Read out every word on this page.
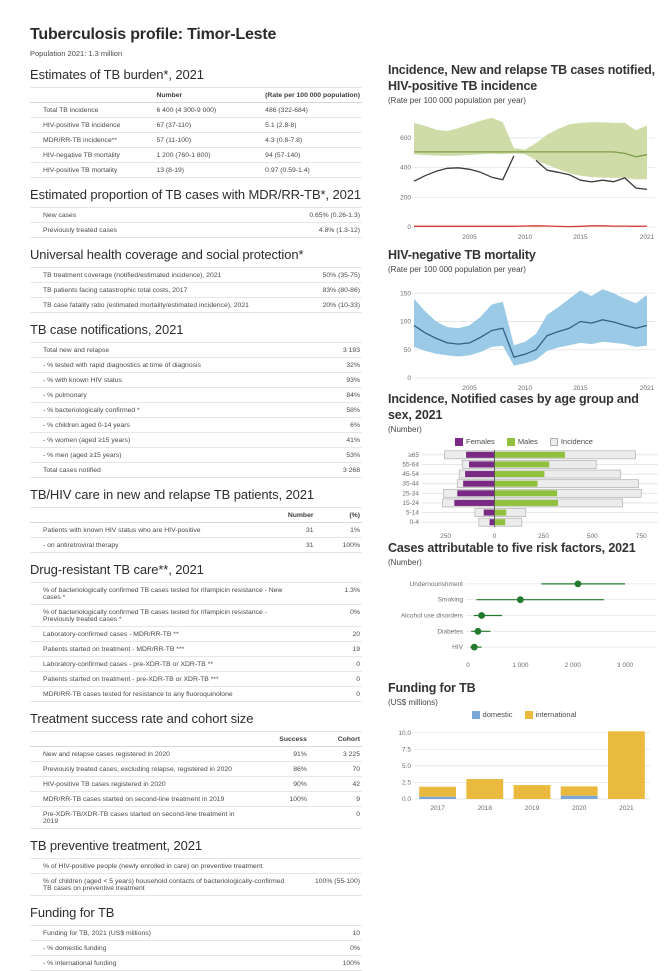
Tuberculosis profile: Timor-Leste
Population 2021: 1.3 million
Estimates of TB burden*, 2021
	Number	(Rate per 100 000 population)
Total TB incidence	6 400 (4 300-9 000)	486 (322-684)
HIV-positive TB incidence	67 (37-110)	5.1 (2.8-8)
MDR/RR-TB incidence**	57 (11-100)	4.3 (0.8-7.8)
HIV-negative TB mortality	1 200 (760-1 800)	94 (57-140)
HIV-positive TB mortality	13 (8-19)	0.97 (0.59-1.4)
Estimated proportion of TB cases with MDR/RR-TB*, 2021
New cases	0.65% (0.26-1.3)
Previously treated cases	4.8% (1.3-12)
Universal health coverage and social protection*
TB treatment coverage (notified/estimated incidence), 2021	50% (35-75)
TB patients facing catastrophic total costs, 2017	83% (80-86)
TB case fatality ratio (estimated mortality/estimated incidence), 2021	20% (10-33)
TB case notifications, 2021
Total new and relapse	3 193
- % tested with rapid diagnostics at time of diagnosis	32%
- % with known HIV status	93%
- % pulmonary	84%
- % bacteriologically confirmed *	58%
- % children aged 0-14 years	6%
- % women (aged ≥15 years)	41%
- % men (aged ≥15 years)	53%
Total cases notified	3 268
TB/HIV care in new and relapse TB patients, 2021
	Number	(%)
Patients with known HIV status who are HIV-positive	31	1%
- on antiretroviral therapy	31	100%
Drug-resistant TB care**, 2021
% of bacteriologically confirmed TB cases tested for rifampicin resistance - New cases *	1.3%
% of bacteriologically confirmed TB cases tested for rifampicin resistance - Previously treated cases *	0%
Laboratory-confirmed cases - MDR/RR-TB **	20
Patients started on treatment - MDR/RR-TB ***	19
Laboratory-confirmed cases - pre-XDR-TB or XDR-TB **	0
Patients started on treatment - pre-XDR-TB or XDR-TB ***	0
MDR/RR-TB cases tested for resistance to any fluoroquinolone	0
Treatment success rate and cohort size
	Success	Cohort
New and relapse cases registered in 2020	91%	3 225
Previously treated cases, excluding relapse, registered in 2020	86%	70
HIV-positive TB cases registered in 2020	90%	42
MDR/RR-TB cases started on second-line treatment in 2019	100%	9
Pre-XDR-TB/XDR-TB cases started on second-line treatment in 2019		0
TB preventive treatment, 2021
% of HIV-positive people (newly enrolled in care) on preventive treatment	
% of children (aged < 5 years) household contacts of bacteriologically-confirmed TB cases on preventive treatment	100% (55-100)
Funding for TB
Funding for TB, 2021 (US$ millions)	10
- % domestic funding	0%
- % international funding	100%
Incidence, New and relapse TB cases notified, HIV-positive TB incidence
(Rate per 100 000 population per year)
0
200
400
600
2005	2010	2015	2021
HIV-negative TB mortality
(Rate per 100 000 population per year)
0
50
100
150
2005	2010	2015	2021
Incidence, Notified cases by age group and sex, 2021
(Number)
Females	Males	Incidence
≥65
55-64
45-54
35-44
25-34
15-24
5-14
0-4
250	0	250	500	750
Cases attributable to five risk factors, 2021
(Number)
Undernourishment
Smoking
Alcohol use disorders
Diabetes
HIV
0	1 000	2 000	3 000
Funding for TB
(US$ millions)
domestic	international
0.0
2.5
5.0
7.5
10.0
2017	2018	2019	2020	2021
